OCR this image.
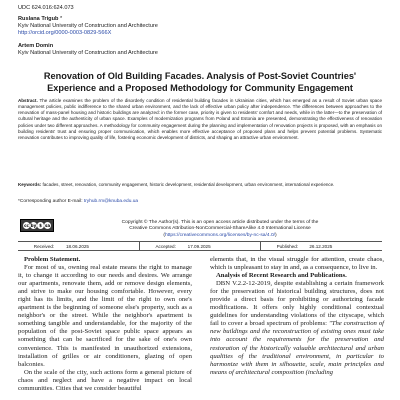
UDC 624.016:624.073
Ruslana Trigub *
Kyiv National University of Construction and Architecture
http://orcid.org/0000-0003-0829-566X
Artem Domin
Kyiv National University of Construction and Architecture
Renovation of Old Building Facades. Analysis of Post-Soviet Countries' Experience and a Proposed Methodology for Community Engagement
Abstract. The article examines the problem of the disorderly condition of residential building facades in Ukrainian cities, which has emerged as a result of Soviet urban space management policies, public indifference to the shared urban environment, and the lack of effective urban policy after independence. The differences between approaches to the renovation of mass-panel housing and historic buildings are analyzed: in the former case, priority is given to residents' comfort and needs, while in the latter—to the preservation of cultural heritage and the authenticity of urban space. Examples of modernization programs from Poland and Estonia are presented, demonstrating the effectiveness of renovation policies under two different approaches. A methodology for community engagement during the planning and implementation of renovation projects is proposed, with an emphasis on building residents' trust and ensuring proper communication, which enables more effective acceptance of proposed plans and helps prevent potential problems. Systematic renovation contributes to improving quality of life, fostering economic development of districts, and shaping an attractive urban environment.
Keywords: facades, street, renovation, community engagement, historic development, residential development, urban environment, international experience.
*Corresponding author E-mail: tryhub.rm@knuba.edu.ua
cc by $ sa
Copyright © The Author(s). This is an open access article distributed under the terms of the
Creative Commons Attribution-NonCommercial-ShareAlike 4.0 International License
(https://creativecommons.org/licenses/by-nc-sa/4.0/)
Received:	18.06.2025	Accepted:	17.09.2025	Published: 26.12.2025
Problem Statement.

For most of us, owning real estate means the right to manage it, to change it according to our needs and desires. We arrange our apartments, renovate them, add or remove design elements, and strive to make our housing comfortable. However, every right has its limits, and the limit of the right to own one's apartment is the beginning of someone else's property, such as a neighbor's or the street. While the neighbor's apartment is something tangible and understandable, for the majority of the population of the post-Soviet space public space appears as something that can be sacrificed for the sake of one's own convenience. This is manifested in unauthorized extensions, installation of grilles or air conditioners, glazing of open balconies.

On the scale of the city, such actions form a general picture of chaos and neglect and have a negative impact on local communities. Cities that we consider beautiful

elements that, in the visual struggle for attention, create chaos, which is unpleasant to stay in and, as a consequence, to live in.

Analysis of Recent Research and Publications.

DBN V.2.2-12-2019, despite establishing a certain framework for the preservation of historical building structures, does not provide a direct basis for prohibiting or authorizing facade modifications. It offers only highly conditional contextual guidelines for understanding violations of the cityscape, which fail to cover a broad spectrum of problems: "The construction of new buildings and the reconstruction of existing ones must take into account the requirements for the preservation and restoration of the historically valuable architectural and urban qualities of the traditional environment, in particular to harmonize with them in silhouette, scale, main principles and means of architectural composition (including
